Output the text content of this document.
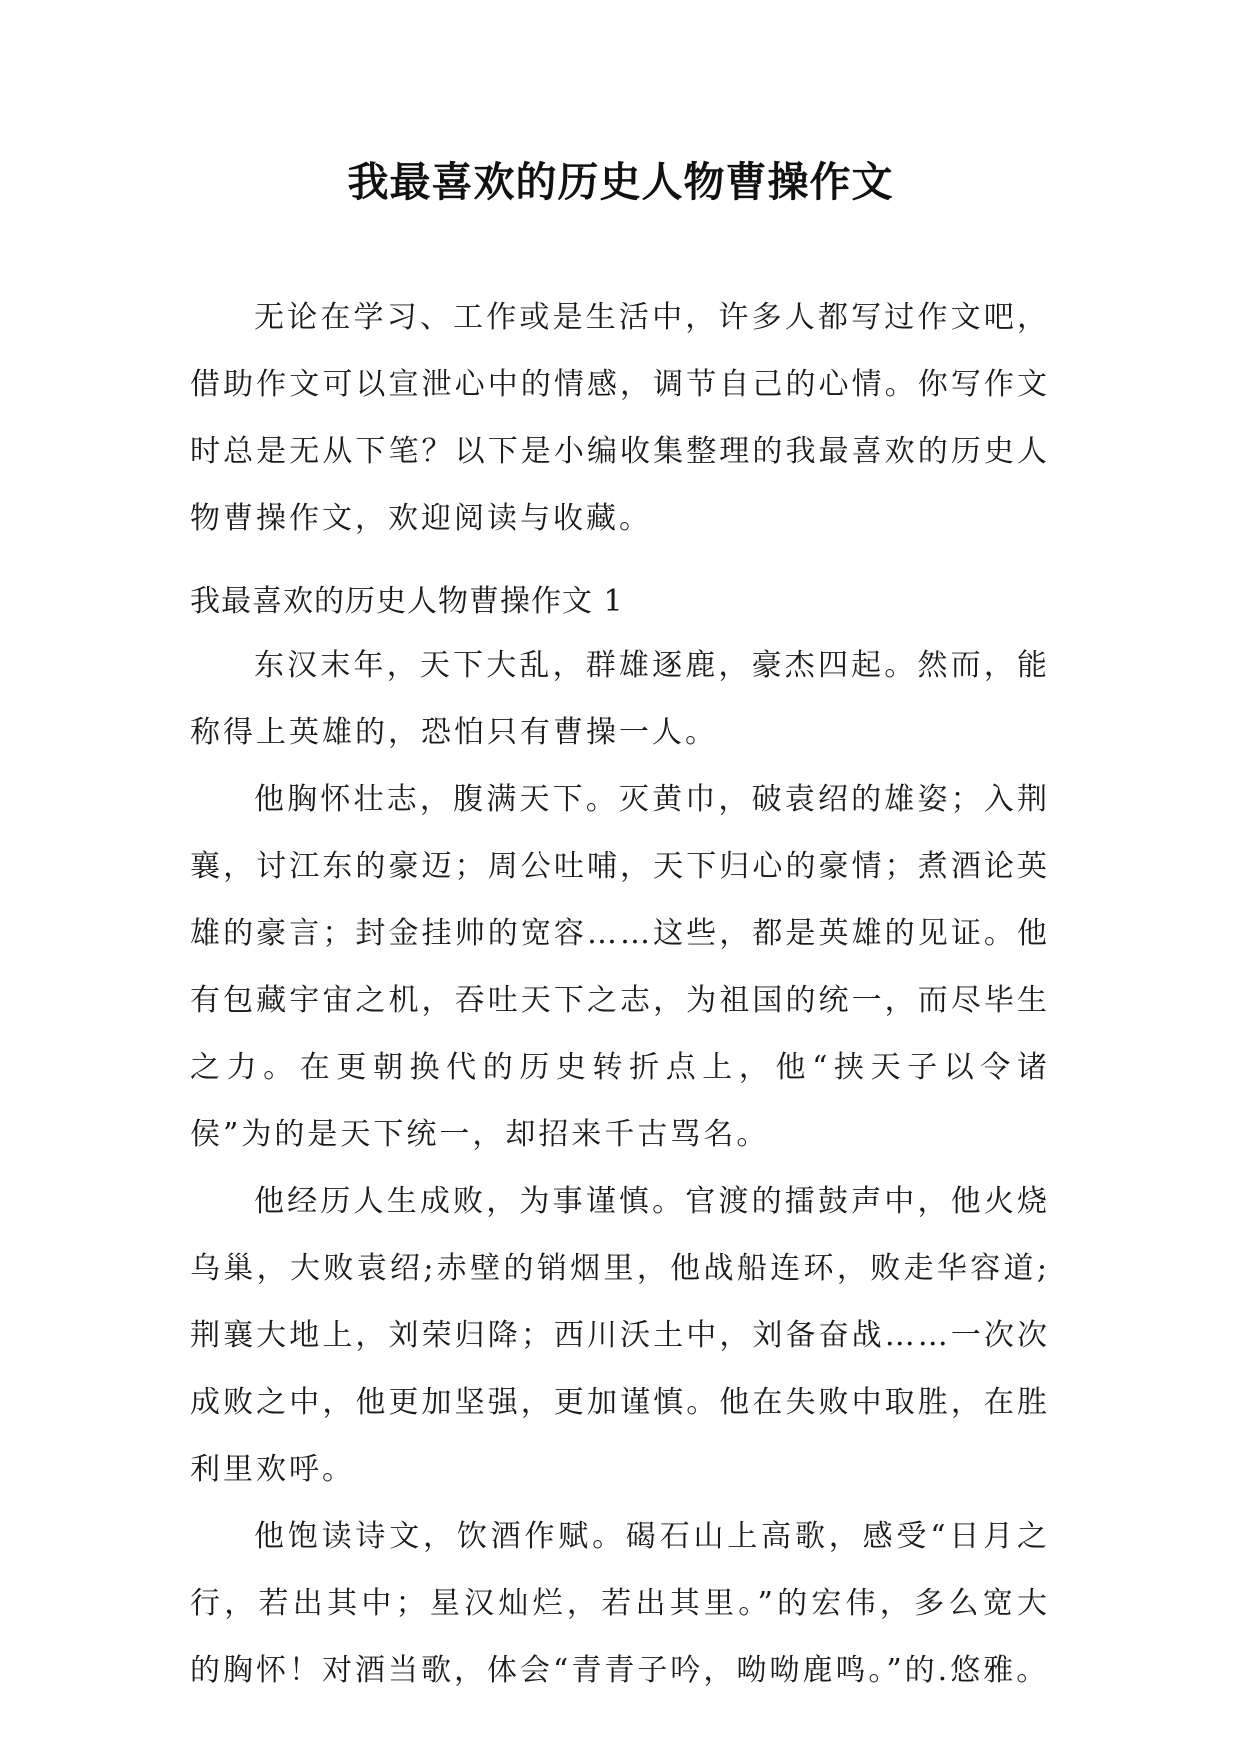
我最喜欢的历史人物曹操作文

无论在学习、工作或是生活中，许多人都写过作文吧，借助作文可以宣泄心中的情感，调节自己的心情。你写作文时总是无从下笔？以下是小编收集整理的我最喜欢的历史人物曹操作文，欢迎阅读与收藏。

我最喜欢的历史人物曹操作文 1

东汉末年，天下大乱，群雄逐鹿，豪杰四起。然而，能称得上英雄的，恐怕只有曹操一人。

他胸怀壮志，腹满天下。灭黄巾，破袁绍的雄姿；入荆襄，讨江东的豪迈；周公吐哺，天下归心的豪情；煮酒论英雄的豪言；封金挂帅的宽容……这些，都是英雄的见证。他有包藏宇宙之机，吞吐天下之志，为祖国的统一，而尽毕生之力。在更朝换代的历史转折点上，他“挟天子以令诸侯”为的是天下统一，却招来千古骂名。

他经历人生成败，为事谨慎。官渡的擂鼓声中，他火烧乌巢，大败袁绍;赤壁的销烟里，他战船连环，败走华容道;荆襄大地上，刘荣归降；西川沃土中，刘备奋战……一次次成败之中，他更加坚强，更加谨慎。他在失败中取胜，在胜利里欢呼。

他饱读诗文，饮酒作赋。碣石山上高歌，感受“日月之行，若出其中；星汉灿烂，若出其里。”的宏伟，多么宽大的胸怀！对酒当歌，体会“青青子吟，呦呦鹿鸣。”的.悠雅。
